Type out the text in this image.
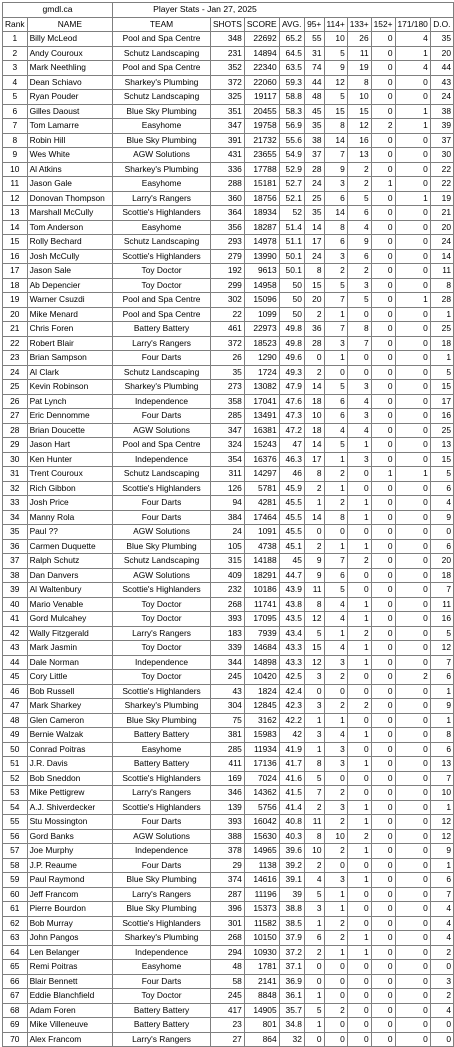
gmdl.ca		Player Stats - Jan 27, 2025									
Rank	NAME	TEAM	SHOTS	SCORE	AVG.	95+	114+	133+	152+	171/180	D.O.
1	Billy McLeod	Pool and Spa Centre	348	22692	65.2	55	10	26	0	4	35
2	Andy Couroux	Schutz Landscaping	231	14894	64.5	31	5	11	0	1	20
3	Mark Neethling	Pool and Spa Centre	352	22340	63.5	74	9	19	0	4	44
4	Dean Schiavo	Sharkey's Plumbing	372	22060	59.3	44	12	8	0	0	43
5	Ryan Pouder	Schutz Landscaping	325	19117	58.8	48	5	10	0	0	24
6	Gilles Daoust	Blue Sky Plumbing	351	20455	58.3	45	15	15	0	1	38
7	Tom Lamarre	Easyhome	347	19758	56.9	35	8	12	2	1	39
8	Robin Hill	Blue Sky Plumbing	391	21732	55.6	38	14	16	0	0	37
9	Wes White	AGW Solutions	431	23655	54.9	37	7	13	0	0	30
10	Al Atkins	Sharkey's Plumbing	336	17788	52.9	28	9	2	0	0	22
11	Jason Gale	Easyhome	288	15181	52.7	24	3	2	1	0	22
12	Donovan Thompson	Larry's Rangers	360	18756	52.1	25	6	5	0	1	19
13	Marshall McCully	Scottie's Highlanders	364	18934	52	35	14	6	0	0	21
14	Tom Anderson	Easyhome	356	18287	51.4	14	8	4	0	0	20
15	Rolly Bechard	Schutz Landscaping	293	14978	51.1	17	6	9	0	0	24
16	Josh McCully	Scottie's Highlanders	279	13990	50.1	24	3	6	0	0	14
17	Jason Sale	Toy Doctor	192	9613	50.1	8	2	2	0	0	11
18	Ab Depencier	Toy Doctor	299	14958	50	15	5	3	0	0	8
19	Warner Csuzdi	Pool and Spa Centre	302	15096	50	20	7	5	0	1	28
20	Mike Menard	Pool and Spa Centre	22	1099	50	2	1	0	0	0	1
21	Chris Foren	Battery Battery	461	22973	49.8	36	7	8	0	0	25
22	Robert Blair	Larry's Rangers	372	18523	49.8	28	3	7	0	0	18
23	Brian Sampson	Four Darts	26	1290	49.6	0	1	0	0	0	1
24	Al Clark	Schutz Landscaping	35	1724	49.3	2	0	0	0	0	5
25	Kevin Robinson	Sharkey's Plumbing	273	13082	47.9	14	5	3	0	0	15
26	Pat Lynch	Independence	358	17041	47.6	18	6	4	0	0	17
27	Eric Dennomme	Four Darts	285	13491	47.3	10	6	3	0	0	16
28	Brian Doucette	AGW Solutions	347	16381	47.2	18	4	4	0	0	25
29	Jason Hart	Pool and Spa Centre	324	15243	47	14	5	1	0	0	13
30	Ken Hunter	Independence	354	16376	46.3	17	1	3	0	0	15
31	Trent Couroux	Schutz Landscaping	311	14297	46	8	2	0	1	1	5
32	Rich Gibbon	Scottie's Highlanders	126	5781	45.9	2	1	0	0	0	6
33	Josh Price	Four Darts	94	4281	45.5	1	2	1	0	0	4
34	Manny Rola	Four Darts	384	17464	45.5	14	8	1	0	0	9
35	Paul ??	AGW Solutions	24	1091	45.5	0	0	0	0	0	0
36	Carmen Duquette	Blue Sky Plumbing	105	4738	45.1	2	1	1	0	0	6
37	Ralph Schutz	Schutz Landscaping	315	14188	45	9	7	2	0	0	20
38	Dan Danvers	AGW Solutions	409	18291	44.7	9	6	0	0	0	18
39	Al Waltenbury	Scottie's Highlanders	232	10186	43.9	11	5	0	0	0	7
40	Mario Venable	Toy Doctor	268	11741	43.8	8	4	1	0	0	11
41	Gord Mulcahey	Toy Doctor	393	17095	43.5	12	4	1	0	0	16
42	Wally Fitzgerald	Larry's Rangers	183	7939	43.4	5	1	2	0	0	5
43	Mark Jasmin	Toy Doctor	339	14684	43.3	15	4	1	0	0	12
44	Dale Norman	Independence	344	14898	43.3	12	3	1	0	0	7
45	Cory Little	Toy Doctor	245	10420	42.5	3	2	0	0	2	6
46	Bob Russell	Scottie's Highlanders	43	1824	42.4	0	0	0	0	0	1
47	Mark Sharkey	Sharkey's Plumbing	304	12845	42.3	3	2	2	0	0	9
48	Glen Cameron	Blue Sky Plumbing	75	3162	42.2	1	1	0	0	0	1
49	Bernie Walzak	Battery Battery	381	15983	42	3	4	1	0	0	8
50	Conrad Poitras	Easyhome	285	11934	41.9	1	3	0	0	0	6
51	J.R. Davis	Battery Battery	411	17136	41.7	8	3	1	0	0	13
52	Bob Sneddon	Scottie's Highlanders	169	7024	41.6	5	0	0	0	0	7
53	Mike Pettigrew	Larry's Rangers	346	14362	41.5	7	2	0	0	0	10
54	A.J. Shiverdecker	Scottie's Highlanders	139	5756	41.4	2	3	1	0	0	1
55	Stu Mossington	Four Darts	393	16042	40.8	11	2	1	0	0	12
56	Gord Banks	AGW Solutions	388	15630	40.3	8	10	2	0	0	12
57	Joe Murphy	Independence	378	14965	39.6	10	2	1	0	0	9
58	J.P. Reaume	Four Darts	29	1138	39.2	2	0	0	0	0	1
59	Paul Raymond	Blue Sky Plumbing	374	14616	39.1	4	3	1	0	0	6
60	Jeff Francom	Larry's Rangers	287	11196	39	5	1	0	0	0	7
61	Pierre Bourdon	Blue Sky Plumbing	396	15373	38.8	3	1	0	0	0	4
62	Bob Murray	Scottie's Highlanders	301	11582	38.5	1	2	0	0	0	4
63	John Pangos	Sharkey's Plumbing	268	10150	37.9	6	2	1	0	0	4
64	Len Belanger	Independence	294	10930	37.2	2	1	1	0	0	2
65	Remi Poitras	Easyhome	48	1781	37.1	0	0	0	0	0	0
66	Blair Bennett	Four Darts	58	2141	36.9	0	0	0	0	0	3
67	Eddie Blanchfield	Toy Doctor	245	8848	36.1	1	0	0	0	0	2
68	Adam Foren	Battery Battery	417	14905	35.7	5	2	0	0	0	4
69	Mike Villeneuve	Battery Battery	23	801	34.8	1	0	0	0	0	0
70	Alex Francom	Larry's Rangers	27	864	32	0	0	0	0	0	0
